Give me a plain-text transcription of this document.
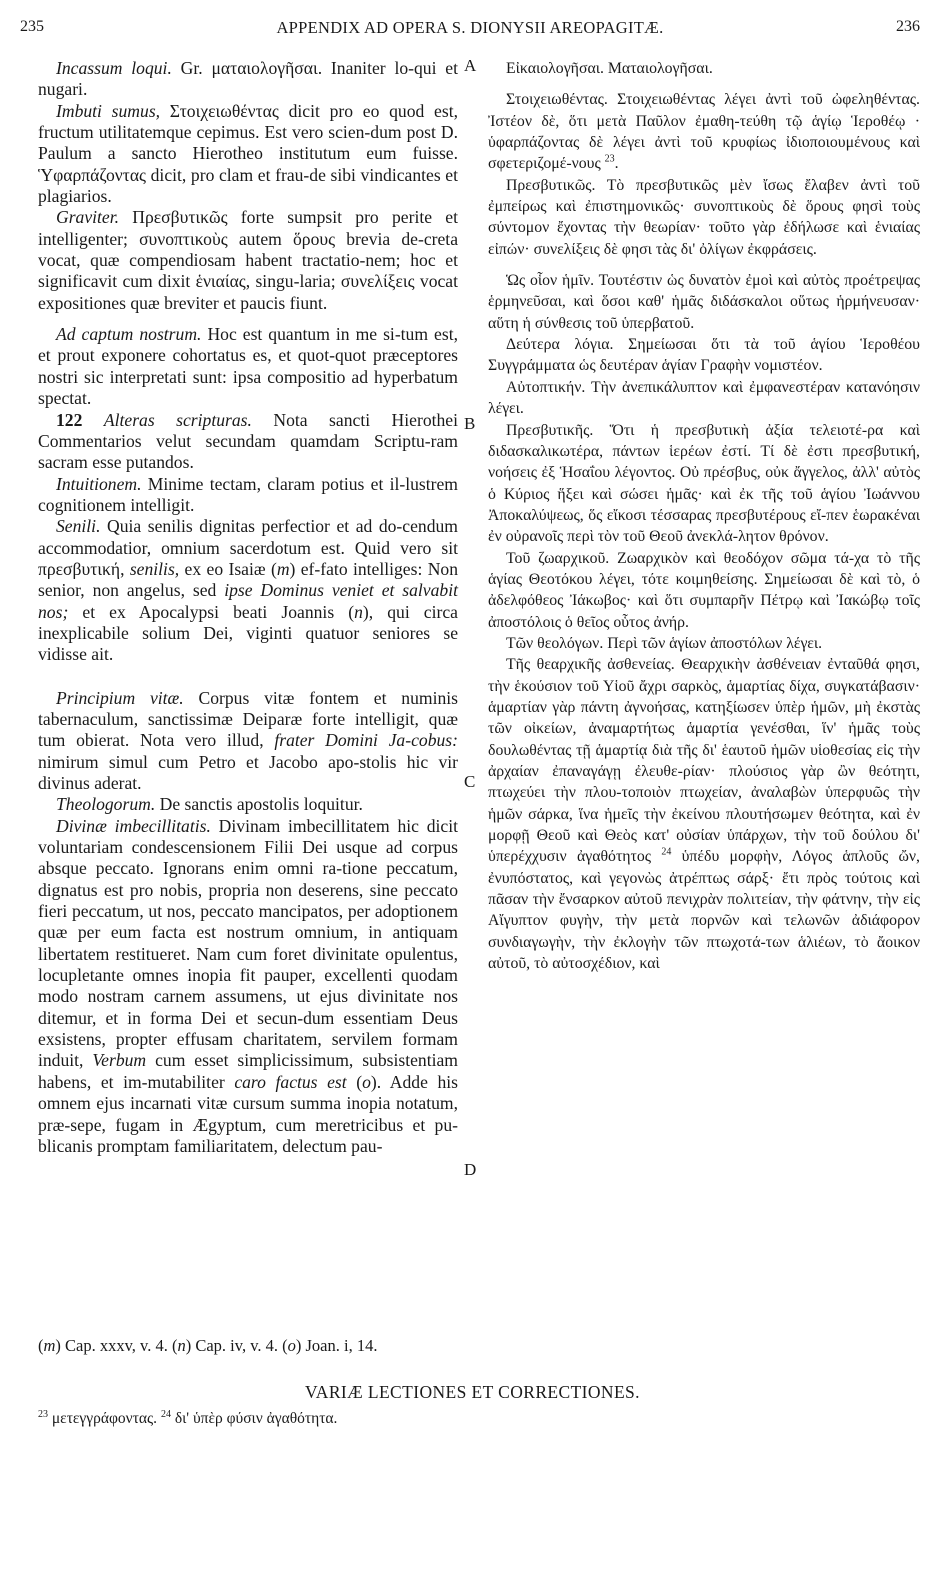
235	APPENDIX AD OPERA S. DIONYSII AREOPAGITÆ.	236

Incassum loqui. Gr. ματαιολογῆσαι. Inaniter lo-qui et nugari.

Imbuti sumus, Στοιχειωθέντας dicit pro eo quod est, fructum utilitatemque cepimus. Est vero scien-dum post D. Paulum a sancto Hierotheo institutum eum fuisse. Ὑφαρπάζοντας dicit, pro clam et frau-de sibi vindicantes et plagiarios.

Graviter. Πρεσβυτικῶς forte sumpsit pro perite et intelligenter; συνοπτικοὺς autem ὅρους brevia de-creta vocat, quæ compendiosam habent tractatio-nem; hoc et significavit cum dixit ἑνιαίας, singu-laria; συνελίξεις vocat expositiones quæ breviter et paucis fiunt.

Ad captum nostrum. Hoc est quantum in me si-tum est, et prout exponere cohortatus es, et quot-quot præceptores nostri sic interpretati sunt: ipsa compositio ad hyperbatum spectat.

122 Alteras scripturas. Nota sancti Hierothei Commentarios velut secundam quamdam Scriptu-ram sacram esse putandos.

Intuitionem. Minime tectam, claram potius et il-lustrem cognitionem intelligit.

Senili. Quia senilis dignitas perfectior et ad do-cendum accommodatior, omnium sacerdotum est. Quid vero sit πρεσβυτική, senilis, ex eo Isaiæ (m) ef-fato intelliges: Non senior, non angelus, sed ipse Dominus veniet et salvabit nos; et ex Apocalypsi beati Joannis (n), qui circa inexplicabile solium Dei, viginti quatuor seniores se vidisse ait.

Principium vitæ. Corpus vitæ fontem et numinis tabernaculum, sanctissimæ Deiparæ forte intelligit, quæ tum obierat. Nota vero illud, frater Domini Ja-cobus: nimirum simul cum Petro et Jacobo apo-stolis hic vir divinus aderat.

Theologorum. De sanctis apostolis loquitur.

Divinæ imbecillitatis. Divinam imbecillitatem hic dicit voluntariam condescensionem Filii Dei usque ad corpus absque peccato. Ignorans enim omni ra-tione peccatum, dignatus est pro nobis, propria non deserens, sine peccato fieri peccatum, ut nos, peccato mancipatos, per adoptionem quæ per eum facta est nostrum omnium, in antiquam libertatem restitueret. Nam cum foret divinitate opulentus, locupletante omnes inopia fit pauper, excellenti quodam modo nostram carnem assumens, ut ejus divinitate nos ditemur, et in forma Dei et secun-dum essentiam Deus exsistens, propter effusam charitatem, servilem formam induit, Verbum cum esset simplicissimum, subsistentiam habens, et im-mutabiliter caro factus est (o). Adde his omnem ejus incarnati vitæ cursum summa inopia notatum, præ-sepe, fugam in Ægyptum, cum meretricibus et pu-blicanis promptam familiaritatem, delectum pau-

A
B
C
D

Εἰκαιολογῆσαι. Ματαιολογῆσαι.

Στοιχειωθέντας. Στοιχειωθέντας λέγει ἀντὶ τοῦ ὠφεληθέντας. Ἰστέον δὲ, ὅτι μετὰ Παῦλον ἐμαθη-τεύθη τῷ ἁγίῳ Ἱεροθέῳ · ὑφαρπάζοντας δὲ λέγει ἀντὶ τοῦ κρυφίως ἰδιοποιουμένους καὶ σφετεριζομέ-νους $^{23}$.

Πρεσβυτικῶς. Τὸ πρεσβυτικῶς μὲν ἴσως ἔλαβεν ἀντὶ τοῦ ἐμπείρως καὶ ἐπιστημονικῶς· συνοπτικοὺς δὲ ὅρους φησὶ τοὺς σύντομον ἔχοντας τὴν θεωρίαν· τοῦτο γὰρ ἐδήλωσε καὶ ἑνιαίας εἰπών· συνελίξεις δὲ φησι τὰς δι' ὀλίγων ἐκφράσεις.

Ὡς οἷον ἡμῖν. Τουτέστιν ὡς δυνατὸν ἐμοὶ καὶ αὐτὸς προέτρεψας ἑρμηνεῦσαι, καὶ ὅσοι καθ' ἡμᾶς διδάσκαλοι οὕτως ἡρμήνευσαν· αὕτη ἡ σύνθεσις τοῦ ὑπερβατοῦ.

Δεύτερα λόγια. Σημείωσαι ὅτι τὰ τοῦ ἁγίου Ἱεροθέου Συγγράμματα ὡς δευτέραν ἁγίαν Γραφὴν νομιστέον.

Αὐτοπτικήν. Τὴν ἀνεπικάλυπτον καὶ ἐμφανεστέραν κατανόησιν λέγει.

Πρεσβυτικῆς. Ὅτι ἡ πρεσβυτικὴ ἀξία τελειοτέ-ρα καὶ διδασκαλικωτέρα, πάντων ἱερέων ἐστί. Τί δὲ ἐστι πρεσβυτική, νοήσεις ἐξ Ἡσαΐου λέγοντος. Οὐ πρέσβυς, οὐκ ἄγγελος, ἀλλ' αὐτὸς ὁ Κύριος ἥξει καὶ σώσει ἡμᾶς· καὶ ἐκ τῆς τοῦ ἁγίου Ἰωάννου Ἀποκαλύψεως, ὅς εἴκοσι τέσσαρας πρεσβυτέρους εἴ-πεν ἑωρακέναι ἐν οὐρανοῖς περὶ τὸν τοῦ Θεοῦ ἀνεκλά-λητον θρόνον.

Τοῦ ζωαρχικοῦ. Ζωαρχικὸν καὶ θεοδόχον σῶμα τά-χα τὸ τῆς ἁγίας Θεοτόκου λέγει, τότε κοιμηθείσης. Σημείωσαι δὲ καὶ τὸ, ὁ ἀδελφόθεος Ἰάκωβος· καὶ ὅτι συμπαρῆν Πέτρῳ καὶ Ἰακώβῳ τοῖς ἀποστόλοις ὁ θεῖος οὗτος ἀνήρ.

Τῶν θεολόγων. Περὶ τῶν ἁγίων ἀποστόλων λέγει.

Τῆς θεαρχικῆς ἀσθενείας. Θεαρχικὴν ἀσθένειαν ἐνταῦθά φησι, τὴν ἑκούσιον τοῦ Υἱοῦ ἄχρι σαρκὸς, ἁμαρτίας δίχα, συγκατάβασιν· ἁμαρτίαν γὰρ πάντη ἀγνοήσας, κατηξίωσεν ὑπὲρ ἡμῶν, μὴ ἐκστὰς τῶν οἰκείων, ἀναμαρτήτως ἁμαρτία γενέσθαι, ἵν' ἡμᾶς τοὺς δουλωθέντας τῇ ἁμαρτίᾳ διὰ τῆς δι' ἑαυτοῦ ἡμῶν υἱοθεσίας εἰς τὴν ἀρχαίαν ἐπαναγάγῃ ἐλευθε-ρίαν· πλούσιος γὰρ ὢν θεότητι, πτωχεύει τὴν πλου-τοποιὸν πτωχείαν, ἀναλαβὼν ὑπερφυῶς τὴν ἡμῶν σάρκα, ἵνα ἡμεῖς τὴν ἐκείνου πλουτήσωμεν θεότητα, καὶ ἐν μορφῇ Θεοῦ καὶ Θεὸς κατ' οὐσίαν ὑπάρχων, τὴν τοῦ δούλου δι' ὑπερέχχυσιν ἀγαθότητος $^{24}$ ὑπέδυ μορφὴν, Λόγος ἁπλοῦς ὤν, ἐνυπόστατος, καὶ γεγονὼς ἀτρέπτως σάρξ· ἔτι πρὸς τούτοις καὶ πᾶσαν τὴν ἔνσαρκον αὐτοῦ πενιχρὰν πολιτείαν, τὴν φάτνην, τὴν εἰς Αἴγυπτον φυγὴν, τὴν μετὰ πορνῶν καὶ τελωνῶν ἀδιάφορον συνδιαγωγὴν, τὴν ἐκλογὴν τῶν πτωχοτά-των ἁλιέων, τὸ ἄοικον αὐτοῦ, τὸ αὐτοσχέδιον, καὶ

(m) Cap. xxxv, v. 4. (n) Cap. iv, v. 4. (o) Joan. i, 14.
VARIÆ LECTIONES ET CORRECTIONES.
$^{23}$ μετεγγράφοντας. $^{24}$ δι' ὑπὲρ φύσιν ἀγαθότητα.
